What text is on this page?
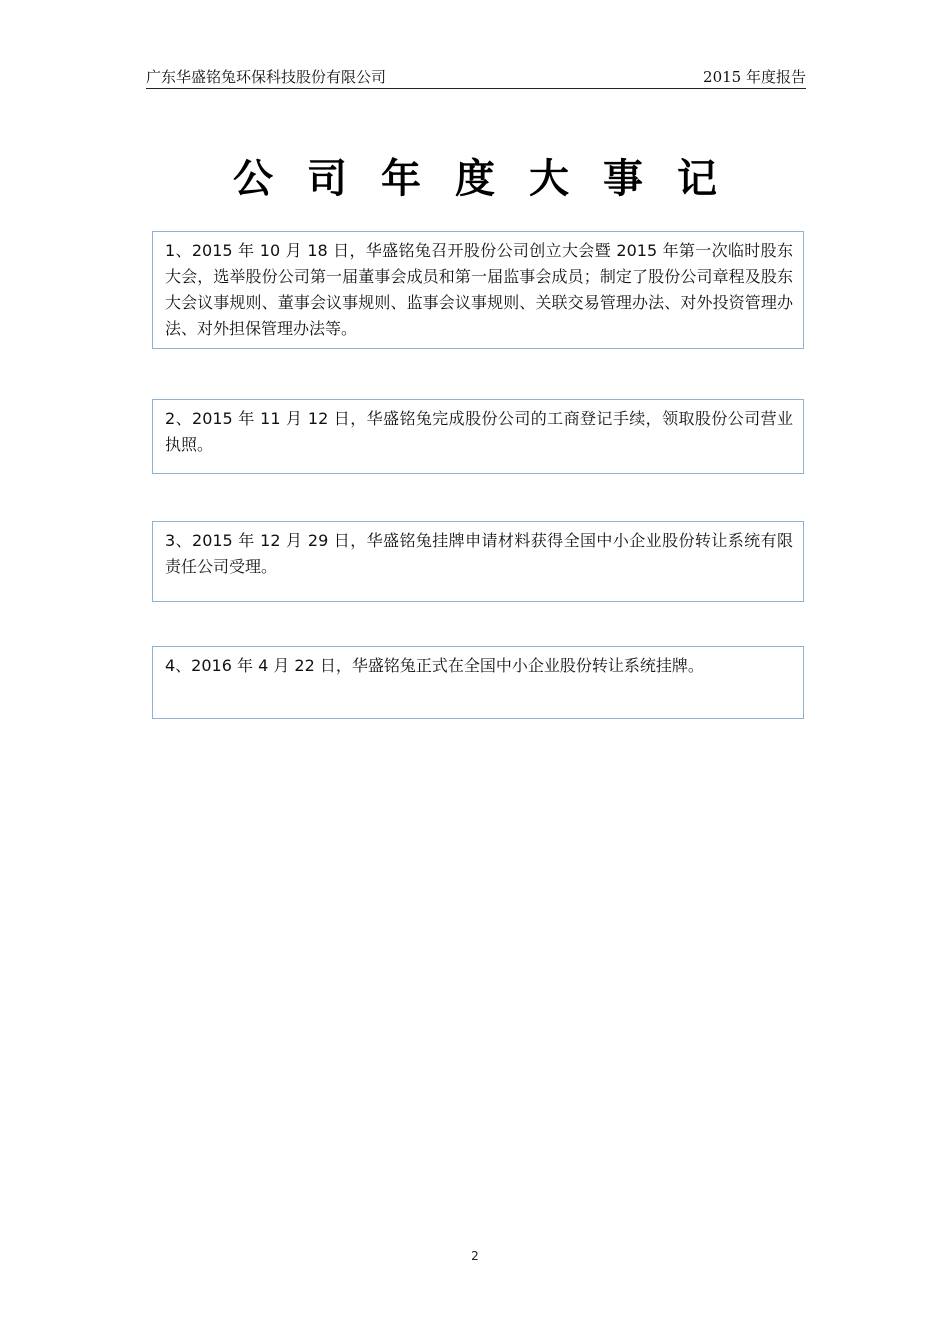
广东华盛铭兔环保科技股份有限公司	2015 年度报告
公司年度大事记
1、2015 年 10 月 18 日，华盛铭兔召开股份公司创立大会暨 2015 年第一次临时股东大会，选举股份公司第一届董事会成员和第一届监事会成员；制定了股份公司章程及股东大会议事规则、董事会议事规则、监事会议事规则、关联交易管理办法、对外投资管理办法、对外担保管理办法等。
2、2015 年 11 月 12 日，华盛铭兔完成股份公司的工商登记手续，领取股份公司营业执照。
3、2015 年 12 月 29 日，华盛铭兔挂牌申请材料获得全国中小企业股份转让系统有限责任公司受理。
4、2016 年 4 月 22 日，华盛铭兔正式在全国中小企业股份转让系统挂牌。
2
